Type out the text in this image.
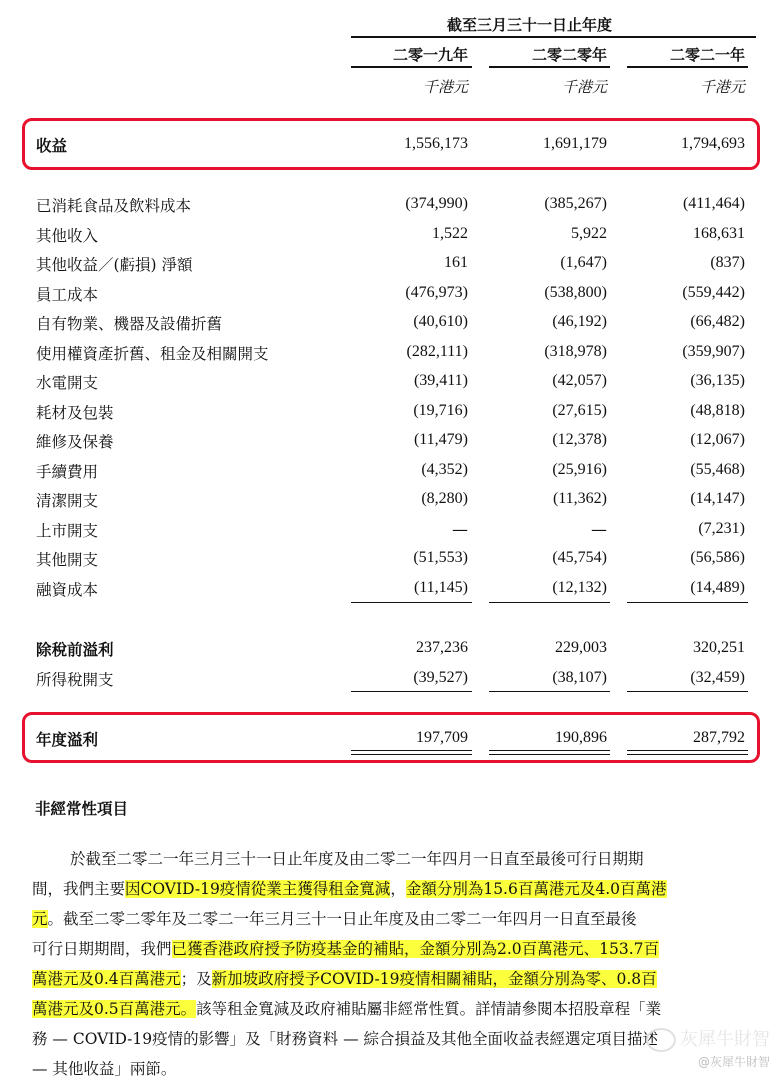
截至三月三十一日止年度
二零一九年	二零二零年	二零二一年
千港元	千港元	千港元
收益	1,556,173	1,691,179	1,794,693
已消耗食品及飲料成本	(374,990)	(385,267)	(411,464)
其他收入	1,522	5,922	168,631
其他收益／(虧損) 淨額	161	(1,647)	(837)
員工成本	(476,973)	(538,800)	(559,442)
自有物業、機器及設備折舊	(40,610)	(46,192)	(66,482)
使用權資產折舊、租金及相關開支	(282,111)	(318,978)	(359,907)
水電開支	(39,411)	(42,057)	(36,135)
耗材及包裝	(19,716)	(27,615)	(48,818)
維修及保養	(11,479)	(12,378)	(12,067)
手續費用	(4,352)	(25,916)	(55,468)
清潔開支	(8,280)	(11,362)	(14,147)
上市開支	—	—	(7,231)
其他開支	(51,553)	(45,754)	(56,586)
融資成本	(11,145)	(12,132)	(14,489)
除稅前溢利	237,236	229,003	320,251
所得稅開支	(39,527)	(38,107)	(32,459)
年度溢利	197,709	190,896	287,792
非經常性項目
於截至二零二一年三月三十一日止年度及由二零二一年四月一日直至最後可行日期期
間，我們主要因COVID-19疫情從業主獲得租金寬減，金額分別為15.6百萬港元及4.0百萬港
元。截至二零二零年及二零二一年三月三十一日止年度及由二零二一年四月一日直至最後
可行日期期間，我們已獲香港政府授予防疫基金的補貼，金額分別為2.0百萬港元、153.7百
萬港元及0.4百萬港元；及新加坡政府授予COVID-19疫情相關補貼，金額分別為零、0.8百
萬港元及0.5百萬港元。該等租金寬減及政府補貼屬非經常性質。詳情請參閱本招股章程「業
務 — COVID-19疫情的影響」及「財務資料 — 綜合損益及其他全面收益表經選定項目描述
— 其他收益」兩節。
灰犀牛財智
@灰犀牛財智
